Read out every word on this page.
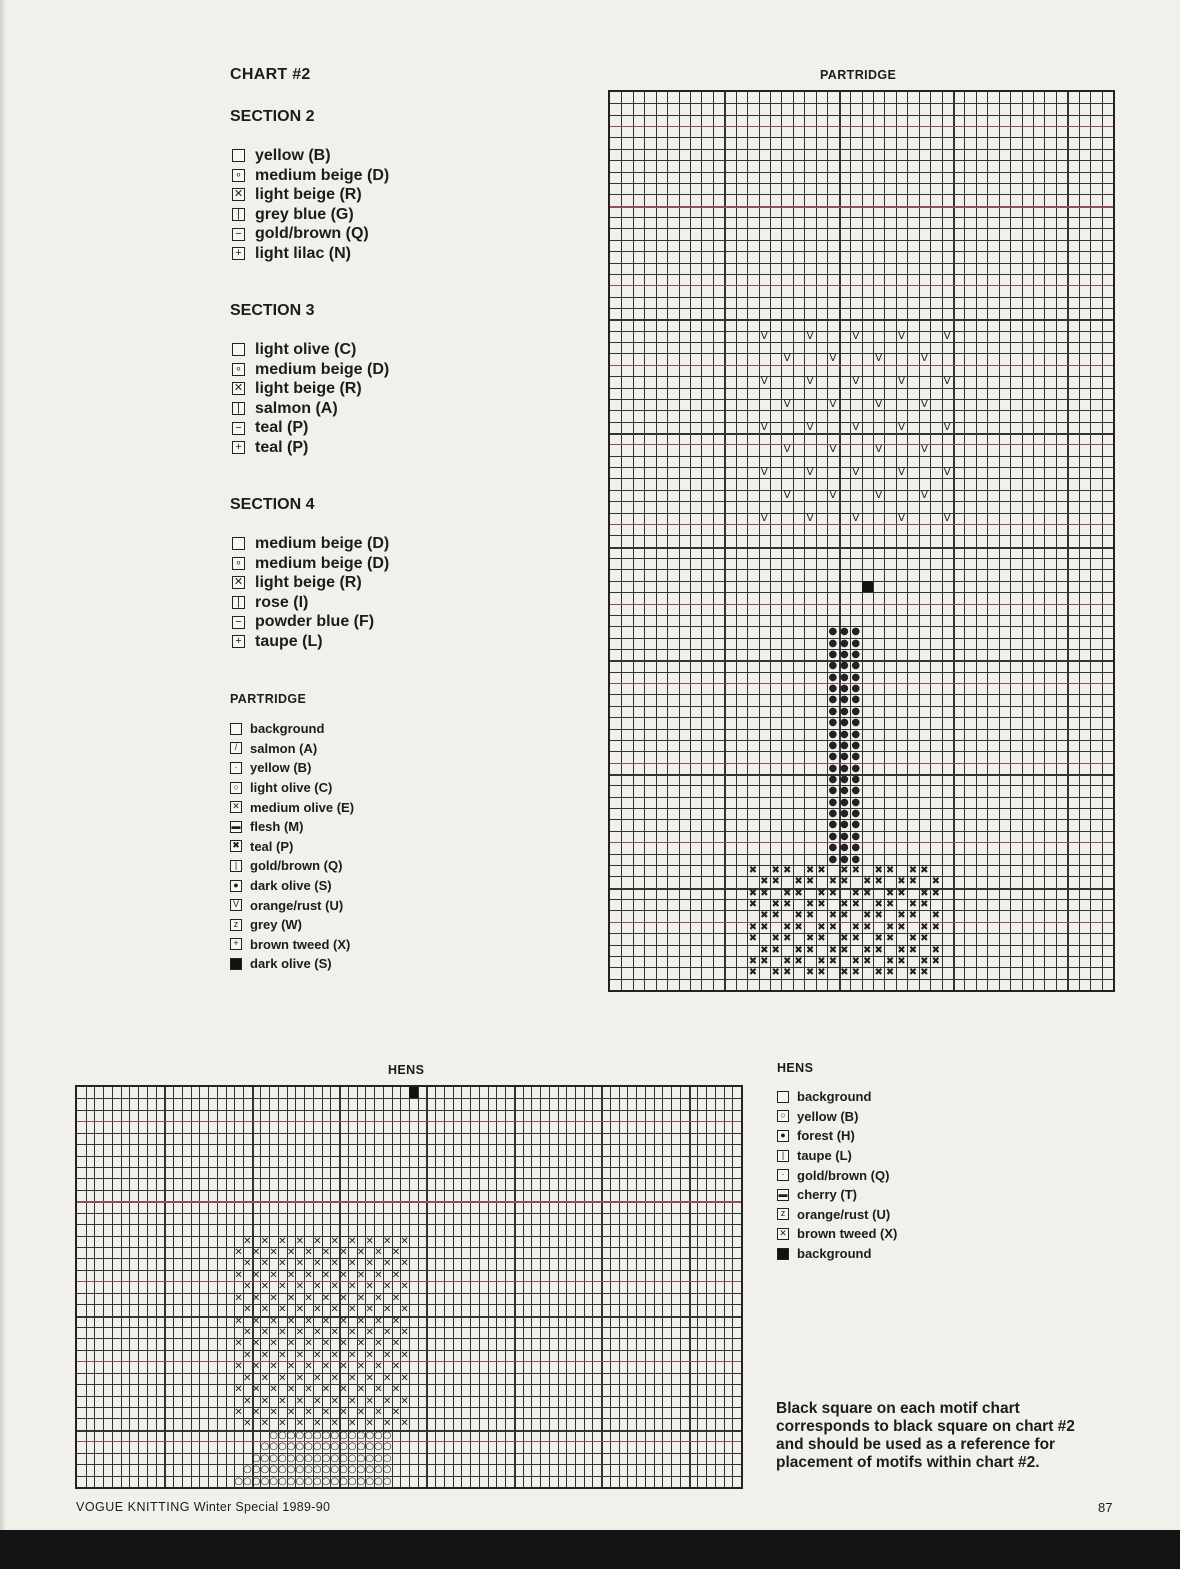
CHART #2
SECTION 2
yellow (B)
∘ medium beige (D)
✕ light beige (R)
| grey blue (G)
− gold/brown (Q)
+ light lilac (N)
SECTION 3
light olive (C)
∘ medium beige (D)
✕ light beige (R)
| salmon (A)
− teal (P)
+ teal (P)
SECTION 4
medium beige (D)
∘ medium beige (D)
✕ light beige (R)
| rose (I)
− powder blue (F)
+ taupe (L)
PARTRIDGE
background
/ salmon (A)
· yellow (B)
○ light olive (C)
✕ medium olive (E)
▬ flesh (M)
✖ teal (P)
| gold/brown (Q)
● dark olive (S)
V orange/rust (U)
z grey (W)
+ brown tweed (X)
dark olive (S)
PARTRIDGE
● ● ●
● ● ●
● ● ●
● ● ●
● ● ●
● ● ●
● ● ●
● ● ●
● ● ●
● ● ●
● ● ●
● ● ●
● ● ●
● ● ●
● ● ●
● ● ●
● ● ●
● ● ●
● ● ●
● ● ●
● ● ●
✖ ✖ ✖ ✖ ✖ ✖ ✖ ✖ ✖ ✖ ✖
✖ ✖ ✖ ✖ ✖ ✖ ✖ ✖ ✖ ✖ ✖
✖ ✖ ✖ ✖ ✖ ✖ ✖ ✖ ✖ ✖ ✖ ✖
✖ ✖ ✖ ✖ ✖ ✖ ✖ ✖ ✖ ✖ ✖
✖ ✖ ✖ ✖ ✖ ✖ ✖ ✖ ✖ ✖ ✖
✖ ✖ ✖ ✖ ✖ ✖ ✖ ✖ ✖ ✖ ✖ ✖
✖ ✖ ✖ ✖ ✖ ✖ ✖ ✖ ✖ ✖ ✖
✖ ✖ ✖ ✖ ✖ ✖ ✖ ✖ ✖ ✖ ✖
✖ ✖ ✖ ✖ ✖ ✖ ✖ ✖ ✖ ✖ ✖ ✖
✖ ✖ ✖ ✖ ✖ ✖ ✖ ✖ ✖ ✖ ✖
V	V	V	V	V
V	V	V	V
V	V	V	V	V
V	V	V	V
V	V	V	V	V
V	V	V	V
V	V	V	V	V
V	V	V	V
V	V	V	V	V
HENS
✕ ✕ ✕ ✕ ✕ ✕ ✕ ✕ ✕ ✕
✕ ✕ ✕ ✕ ✕ ✕ ✕ ✕ ✕ ✕
✕ ✕ ✕ ✕ ✕ ✕ ✕ ✕ ✕ ✕
✕ ✕ ✕ ✕ ✕ ✕ ✕ ✕ ✕ ✕
✕ ✕ ✕ ✕ ✕ ✕ ✕ ✕ ✕ ✕
✕ ✕ ✕ ✕ ✕ ✕ ✕ ✕ ✕ ✕
✕ ✕ ✕ ✕ ✕ ✕ ✕ ✕ ✕ ✕
✕ ✕ ✕ ✕ ✕ ✕ ✕ ✕ ✕ ✕
✕ ✕ ✕ ✕ ✕ ✕ ✕ ✕ ✕ ✕
✕ ✕ ✕ ✕ ✕ ✕ ✕ ✕ ✕ ✕
✕ ✕ ✕ ✕ ✕ ✕ ✕ ✕ ✕ ✕
✕ ✕ ✕ ✕ ✕ ✕ ✕ ✕ ✕ ✕
✕ ✕ ✕ ✕ ✕ ✕ ✕ ✕ ✕ ✕
✕ ✕ ✕ ✕ ✕ ✕ ✕ ✕ ✕ ✕
✕ ✕ ✕ ✕ ✕ ✕ ✕ ✕ ✕ ✕
✕ ✕ ✕ ✕ ✕ ✕ ✕ ✕ ✕ ✕
✕ ✕ ✕ ✕ ✕ ✕ ✕ ✕ ✕ ✕
○ ○ ○ ○ ○ ○ ○ ○ ○ ○ ○ ○ ○ ○
○ ○ ○ ○ ○ ○ ○ ○ ○ ○ ○ ○ ○ ○ ○
○ ○ ○ ○ ○ ○ ○ ○ ○ ○ ○ ○ ○ ○ ○ ○
○ ○ ○ ○ ○ ○ ○ ○ ○ ○ ○ ○ ○ ○ ○ ○ ○
○ ○ ○ ○ ○ ○ ○ ○ ○ ○ ○ ○ ○ ○ ○ ○ ○ ○
HENS
background
○ yellow (B)
● forest (H)
| taupe (L)
· gold/brown (Q)
▬ cherry (T)
z orange/rust (U)
✕ brown tweed (X)
background
Black square on each motif chart corresponds to black square on chart #2 and should be used as a reference for placement of motifs within chart #2.
VOGUE KNITTING Winter Special 1989-90	87
